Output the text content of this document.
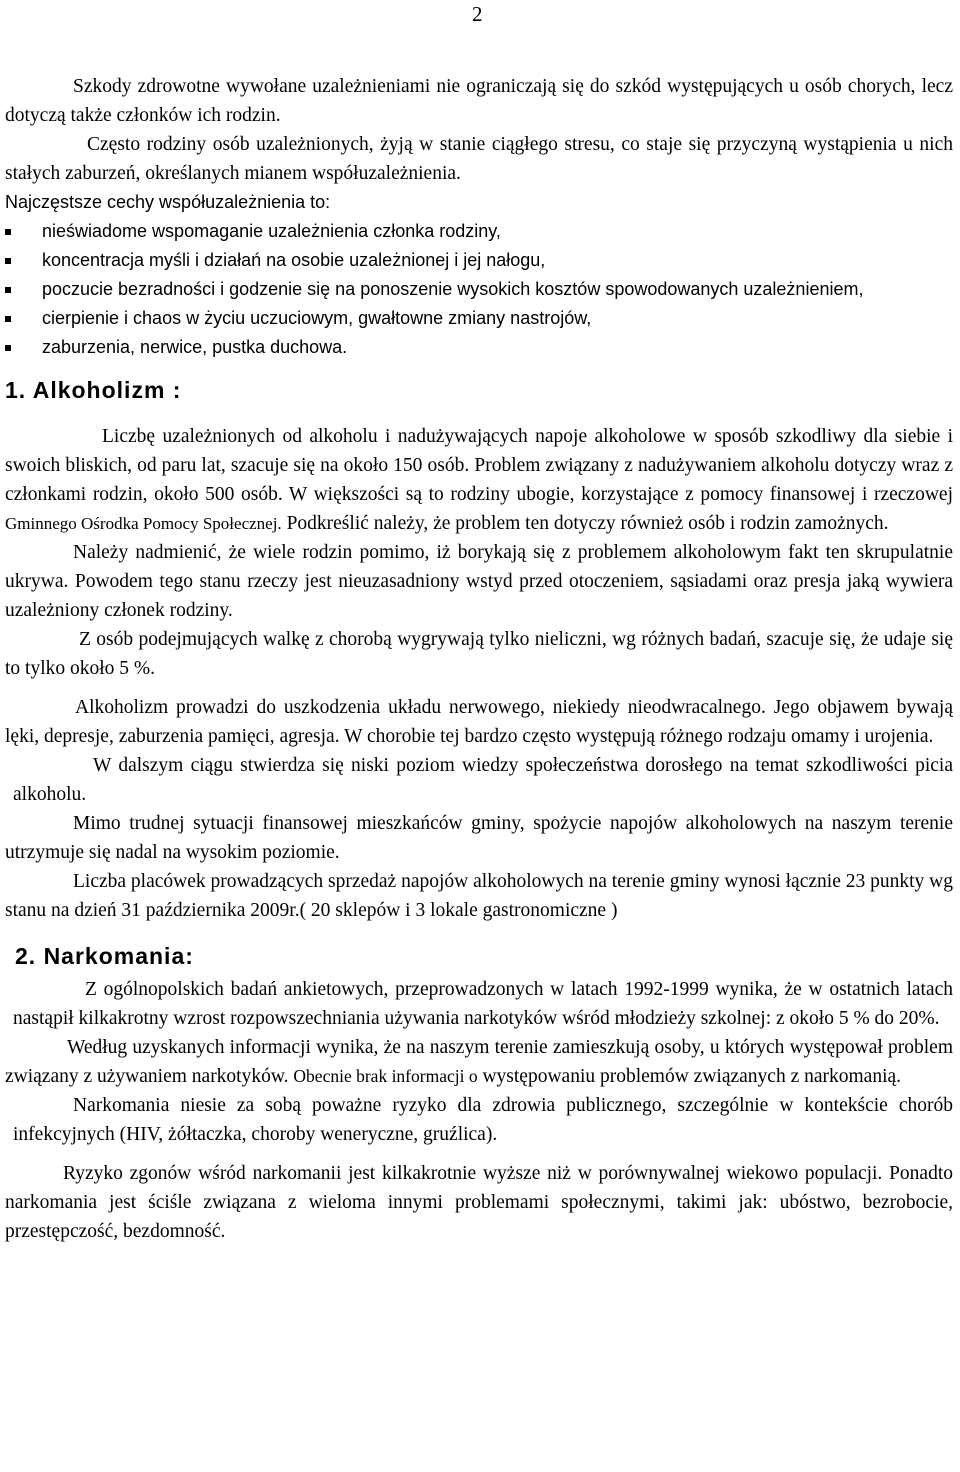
2

Szkody zdrowotne wywołane uzależnieniami nie ograniczają się do szkód występujących u osób chorych, lecz dotyczą także członków ich rodzin.

Często rodziny osób uzależnionych, żyją w stanie ciągłego stresu, co staje się przyczyną wystąpienia u nich stałych zaburzeń, określanych mianem współuzależnienia.

Najczęstsze cechy współuzależnienia to:

nieświadome wspomaganie uzależnienia członka rodziny,
koncentracja myśli i działań na osobie uzależnionej i jej nałogu,
poczucie bezradności i godzenie się na ponoszenie wysokich kosztów spowodowanych uzależnieniem,
cierpienie i chaos w życiu uczuciowym, gwałtowne zmiany nastrojów,
zaburzenia, nerwice, pustka duchowa.
1. Alkoholizm :

Liczbę uzależnionych od alkoholu i nadużywających napoje alkoholowe w sposób szkodliwy dla siebie i swoich bliskich, od paru lat, szacuje się na około 150 osób. Problem związany z nadużywaniem alkoholu dotyczy wraz z członkami rodzin, około 500 osób. W większości są to rodziny ubogie, korzystające z pomocy finansowej i rzeczowej Gminnego Ośrodka Pomocy Społecznej. Podkreślić należy, że problem ten dotyczy również osób i rodzin zamożnych.

Należy nadmienić, że wiele rodzin pomimo, iż borykają się z problemem alkoholowym fakt ten skrupulatnie ukrywa. Powodem tego stanu rzeczy jest nieuzasadniony wstyd przed otoczeniem, sąsiadami oraz presja jaką wywiera uzależniony członek rodziny.

Z osób podejmujących walkę z chorobą wygrywają tylko nieliczni, wg różnych badań, szacuje się, że udaje się to tylko około 5 %.

Alkoholizm prowadzi do uszkodzenia układu nerwowego, niekiedy nieodwracalnego. Jego objawem bywają lęki, depresje, zaburzenia pamięci, agresja. W chorobie tej bardzo często występują różnego rodzaju omamy i urojenia.

W dalszym ciągu stwierdza się niski poziom wiedzy społeczeństwa dorosłego na temat szkodliwości picia alkoholu.

Mimo trudnej sytuacji finansowej mieszkańców gminy, spożycie napojów alkoholowych na naszym terenie utrzymuje się nadal na wysokim poziomie.

Liczba placówek prowadzących sprzedaż napojów alkoholowych na terenie gminy wynosi łącznie 23 punkty wg stanu na dzień 31 października 2009r.( 20 sklepów i 3 lokale gastronomiczne )

2. Narkomania:

Z ogólnopolskich badań ankietowych, przeprowadzonych w latach 1992-1999 wynika, że w ostatnich latach nastąpił kilkakrotny wzrost rozpowszechniania używania narkotyków wśród młodzieży szkolnej: z około 5 % do 20%.

Według uzyskanych informacji wynika, że na naszym terenie zamieszkują osoby, u których występował problem związany z używaniem narkotyków. Obecnie brak informacji o występowaniu problemów związanych z narkomanią.

Narkomania niesie za sobą poważne ryzyko dla zdrowia publicznego, szczególnie w kontekście chorób infekcyjnych (HIV, żółtaczka, choroby weneryczne, gruźlica).

Ryzyko zgonów wśród narkomanii jest kilkakrotnie wyższe niż w porównywalnej wiekowo populacji. Ponadto narkomania jest ściśle związana z wieloma innymi problemami społecznymi, takimi jak: ubóstwo, bezrobocie, przestępczość, bezdomność.
